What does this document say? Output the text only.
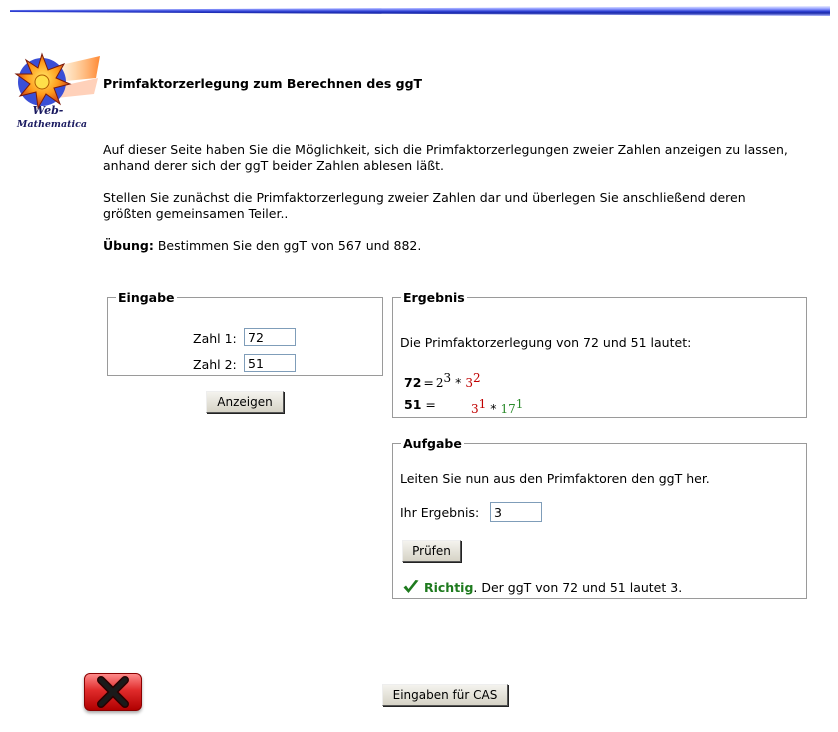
Web-
Mathematica
Primfaktorzerlegung zum Berechnen des ggT

Auf dieser Seite haben Sie die Möglichkeit, sich die Primfaktorzerlegungen zweier Zahlen anzeigen zu lassen, anhand derer sich der ggT beider Zahlen ablesen läßt.

Stellen Sie zunächst die Primfaktorzerlegung zweier Zahlen dar und überlegen Sie anschließend deren größten gemeinsamen Teiler..

Übung: Bestimmen Sie den ggT von 567 und 882.

Eingabe
Zahl 1:
72
Zahl 2:
51
Anzeigen
Ergebnis
Die Primfaktorzerlegung von 72 und 51 lautet:
$72 = 2^3 * 3^2$
51 =	$3^1 * 17^1$
Aufgabe
Leiten Sie nun aus den Primfaktoren den ggT her.
Ihr Ergebnis:
3
Prüfen
Richtig. Der ggT von 72 und 51 lautet 3.
Eingaben für CAS
